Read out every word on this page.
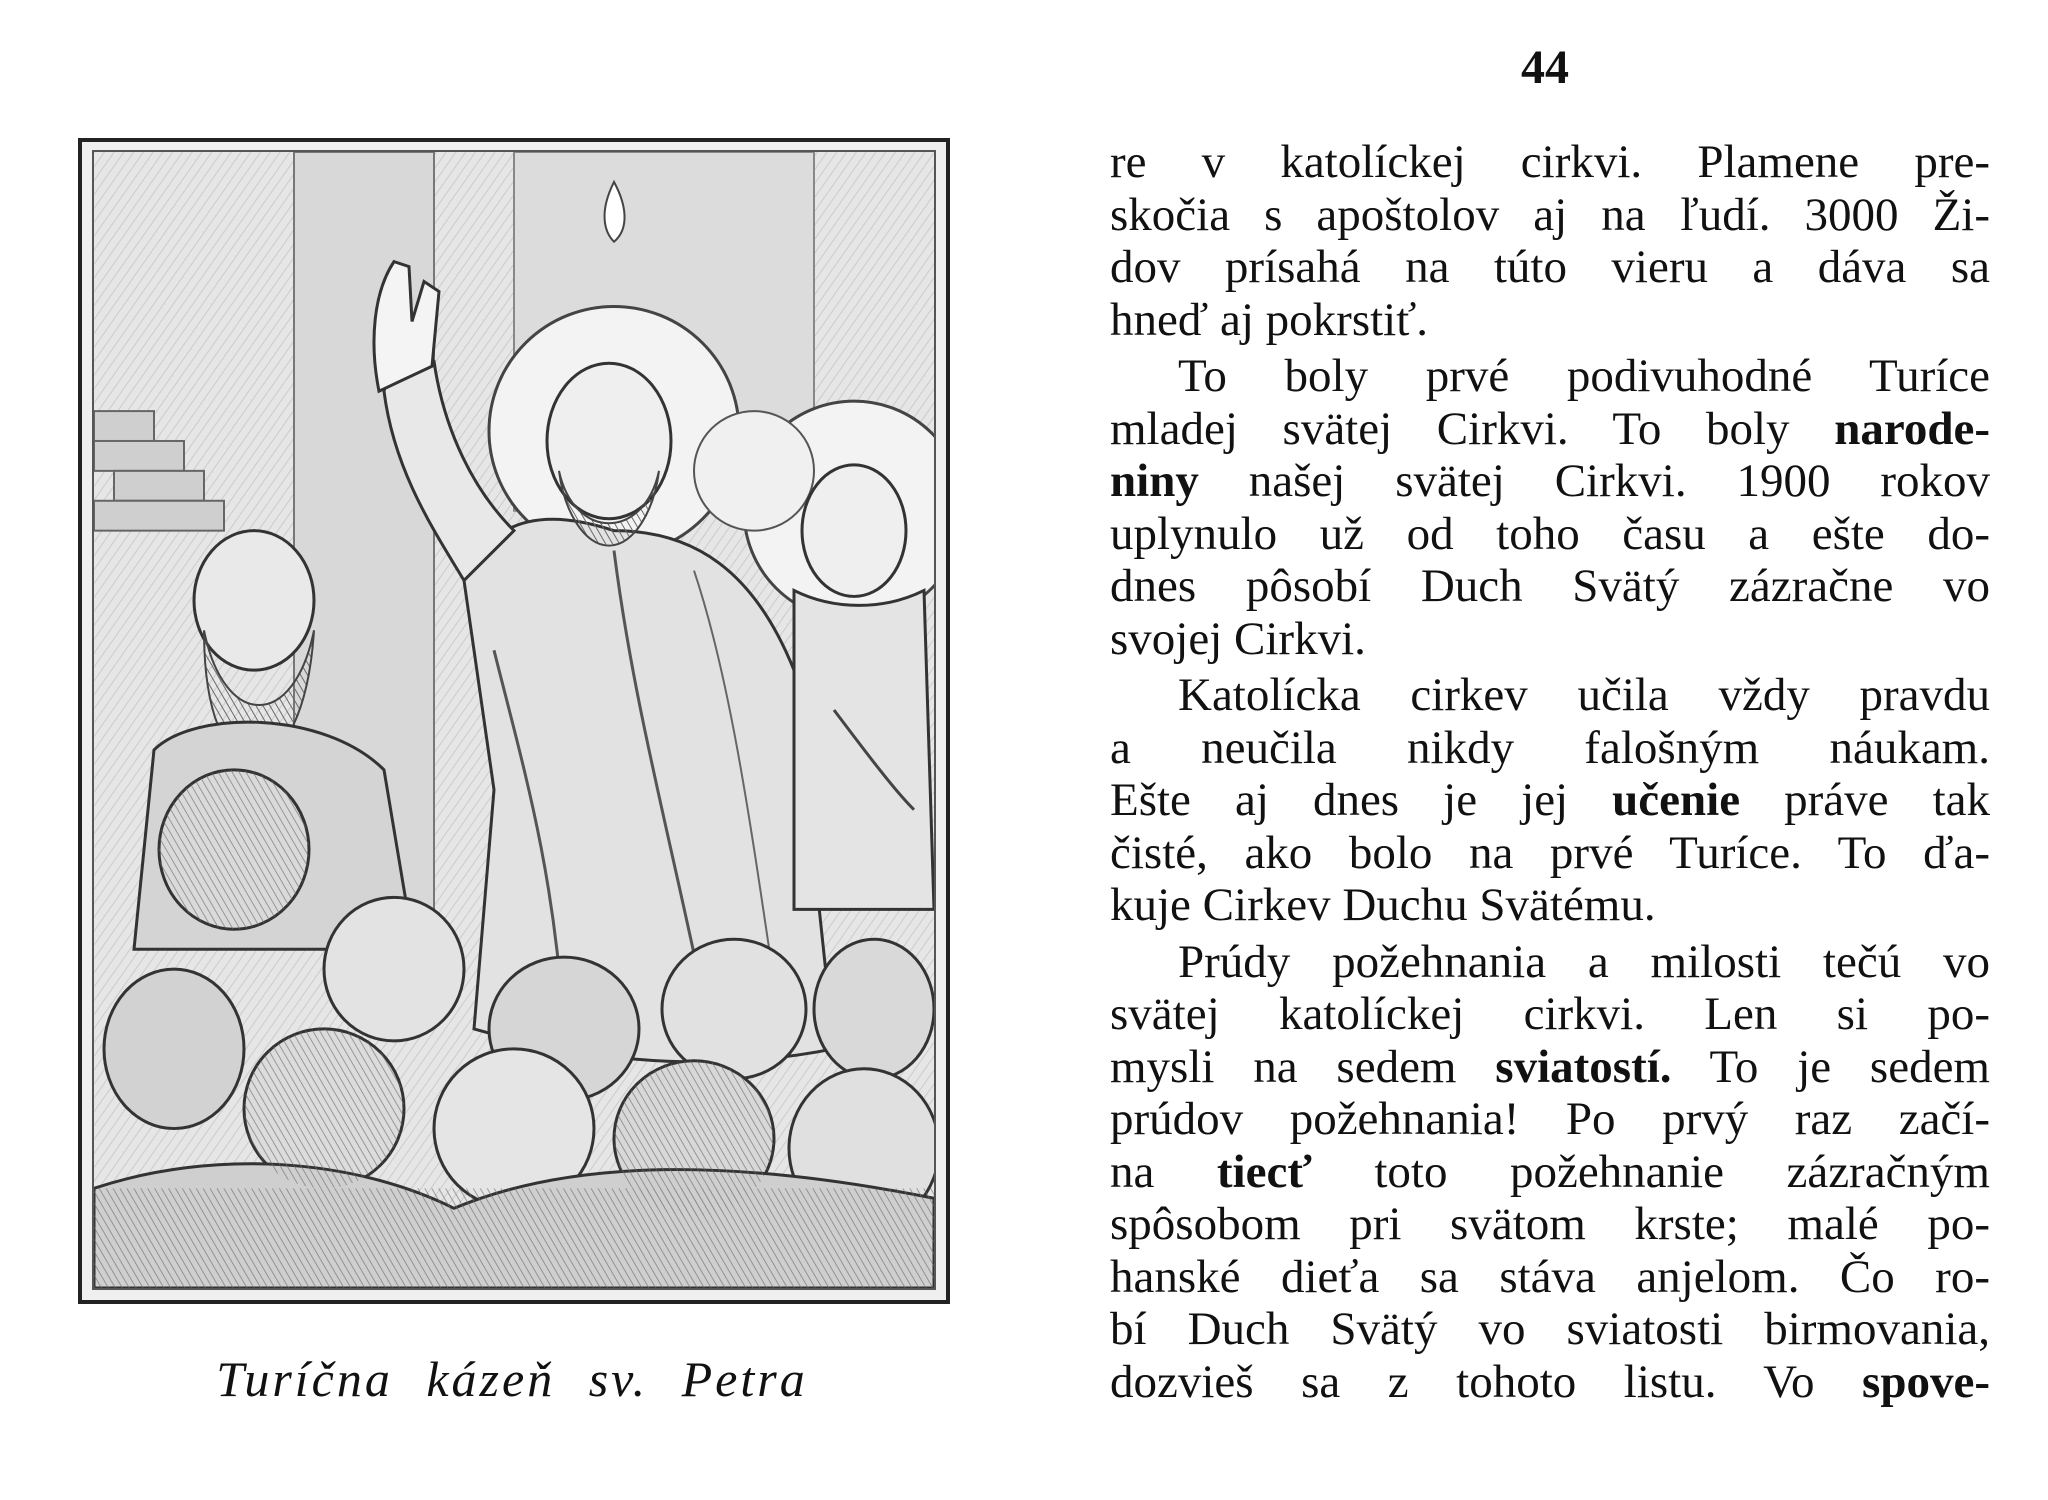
Turíčna kázeň sv. Petra
44
re v katolíckej cirkvi. Plamene pre-
skočia s apoštolov aj na ľudí. 3000 Ži-
dov prísahá na túto vieru a dáva sa
hneď aj pokrstiť.
To boly prvé podivuhodné Turíce
mladej svätej Cirkvi. To boly narode-
niny našej svätej Cirkvi. 1900 rokov
uplynulo už od toho času a ešte do-
dnes pôsobí Duch Svätý zázračne vo
svojej Cirkvi.
Katolícka cirkev učila vždy pravdu
a neučila nikdy falošným náukam.
Ešte aj dnes je jej učenie práve tak
čisté, ako bolo na prvé Turíce. To ďa-
kuje Cirkev Duchu Svätému.
Prúdy požehnania a milosti tečú vo
svätej katolíckej cirkvi. Len si po-
mysli na sedem sviatostí. To je sedem
prúdov požehnania! Po prvý raz začí-
na tiecť toto požehnanie zázračným
spôsobom pri svätom krste; malé po-
hanské dieťa sa stáva anjelom. Čo ro-
bí Duch Svätý vo sviatosti birmovania,
dozvieš sa z tohoto listu. Vo spove-
